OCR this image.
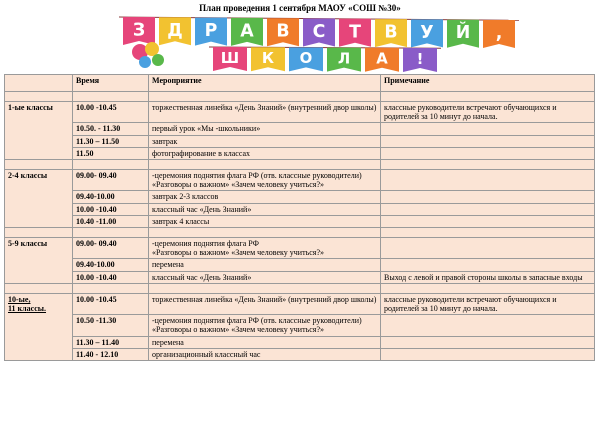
План проведения 1 сентября МАОУ «СОШ №30»
З Д Р А В С Т В У Й ,
Ш К О Л А !
	Время	Мероприятие	Примечание

1-ые классы	10.00 -10.45	торжественная линейка «День Знаний» (внутренний двор школы)	классные руководители встречают обучающихся и родителей за 10 минут до начала.
	10.50. - 11.30	первый урок «Мы -школьники»	

	11.30 – 11.50	завтрак	

	11.50	фотографирование в классах	

2-4 классы	09.00- 09.40	-церемония поднятия флага РФ (отв. классные руководители)
«Разговоры о важном» «Зачем человеку учиться?»	

	09.40-10.00	завтрак 2-3 классов	

	10.00 -10.40	классный час «День Знаний»	

	10.40 -11.00	завтрак 4 классы	

5-9 классы	09.00- 09.40	-церемония поднятия флага РФ
«Разговоры о важном» «Зачем человеку учиться?»	

	09.40-10.00	перемена	

	10.00 -10.40	классный час «День Знаний»	Выход с левой и правой стороны школы в запасные входы

10-ые,
11 классы.	10.00 -10.45	торжественная линейка «День Знаний» (внутренний двор школы)	классные руководители встречают обучающихся и родителей за 10 минут до начала.
	10.50 -11.30	-церемония поднятия флага РФ (отв. классные руководители)
«Разговоры о важном» «Зачем человеку учиться?»	

	11.30 – 11.40	перемена	

	11.40 - 12.10	организационный классный час	
